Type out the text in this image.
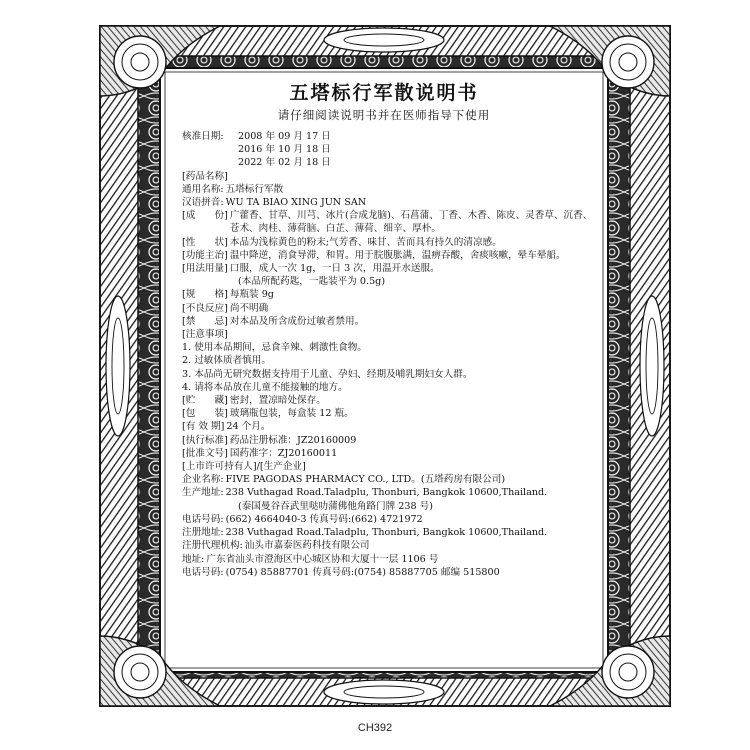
五塔标行军散说明书
请仔细阅读说明书并在医师指导下使用
核准日期:	2008 年 09 月 17 日
2016 年 10 月 18 日
2022 年 02 月 18 日
[药品名称]
通用名称: 五塔标行军散
汉语拼音: WU TA BIAO XING JUN SAN
[成　　份] 广藿香、甘草、川芎、冰片(合成龙脑)、石菖蒲、丁香、木香、陈皮、灵香草、沉香、苍术、肉桂、薄荷脑、白芷、薄荷、细辛、厚朴。
[性　　状] 本品为浅棕黄色的粉末;气芳香、味甘、苦而具有持久的清凉感。
[功能主治] 温中降逆，消食导滞，和胃。用于脘腹胀满，温痹吞酸，舍痰咳嗽，晕车晕船。
[用法用量] 口服，成人一次 1g，一日 3 次，用温开水送服。
(本品所配药匙，一匙装平为 0.5g)
[规　　格] 每瓶装 9g
[不良反应] 尚不明确
[禁　　忌] 对本品及所含成份过敏者禁用。
[注意事项]
1. 使用本品期间，忌食辛辣、刺激性食物。
2. 过敏体质者慎用。
3. 本品尚无研究数据支持用于儿童、孕妇、经期及哺乳期妇女人群。
4. 请将本品放在儿童不能接触的地方。
[贮　　藏] 密封，置凉暗处保存。
[包　　装] 玻璃瓶包装，每盒装 12 瓶。
[有 效 期] 24 个月。
[执行标准] 药品注册标准：JZ20160009
[批准文号] 国药准字：ZJ20160011
[上市许可持有人]/[生产企业]
企业名称: FIVE PAGODAS PHARMACY CO., LTD。(五塔药房有限公司)
生产地址: 238 Vuthagad Road.Taladplu, Thonburi, Bangkok 10600,Thailand.
(泰国曼谷吞武里哒叻蒲佛他角路门牌 238 号)
电话号码: (662) 4664040-3 传真号码:(662) 4721972
注册地址: 238 Vuthagad Road.Taladplu, Thonburi, Bangkok 10600,Thailand.
注册代理机构: 汕头市嘉泰医药科技有限公司
地址: 广东省汕头市澄海区中心城区协和大厦十一层 1106 号
电话号码: (0754) 85887701 传真号码:(0754) 85887705 邮编 515800
CH392
